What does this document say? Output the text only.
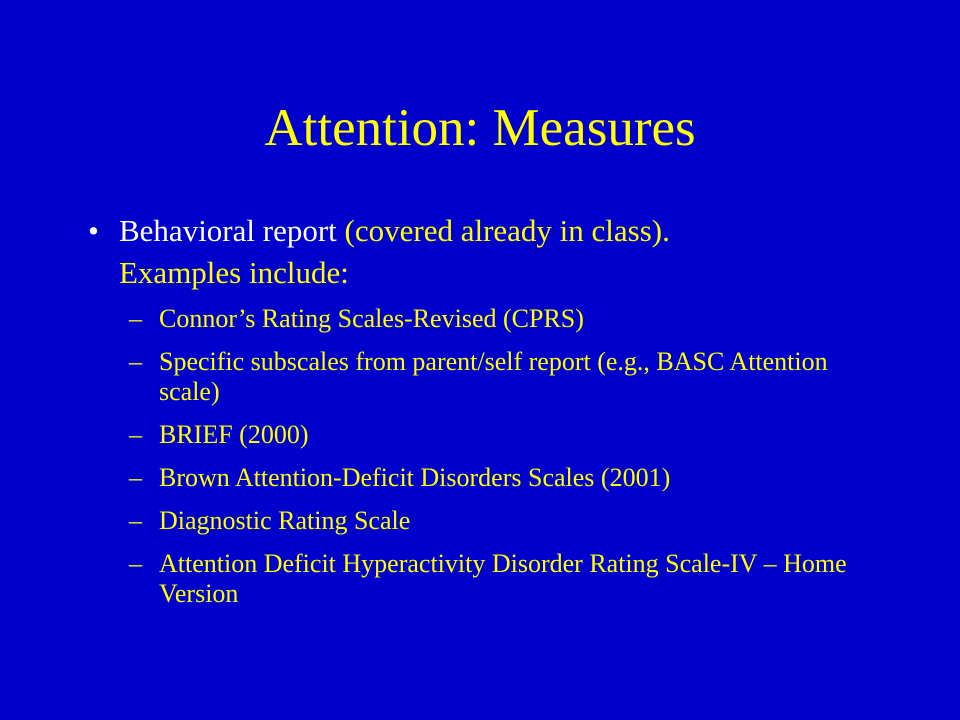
Attention: Measures
• Behavioral report (covered already in class).
Examples include:
– Connor’s Rating Scales-Revised (CPRS)
– Specific subscales from parent/self report (e.g., BASC Attention scale)
– BRIEF (2000)
– Brown Attention-Deficit Disorders Scales (2001)
– Diagnostic Rating Scale
– Attention Deficit Hyperactivity Disorder Rating Scale-IV – Home Version
